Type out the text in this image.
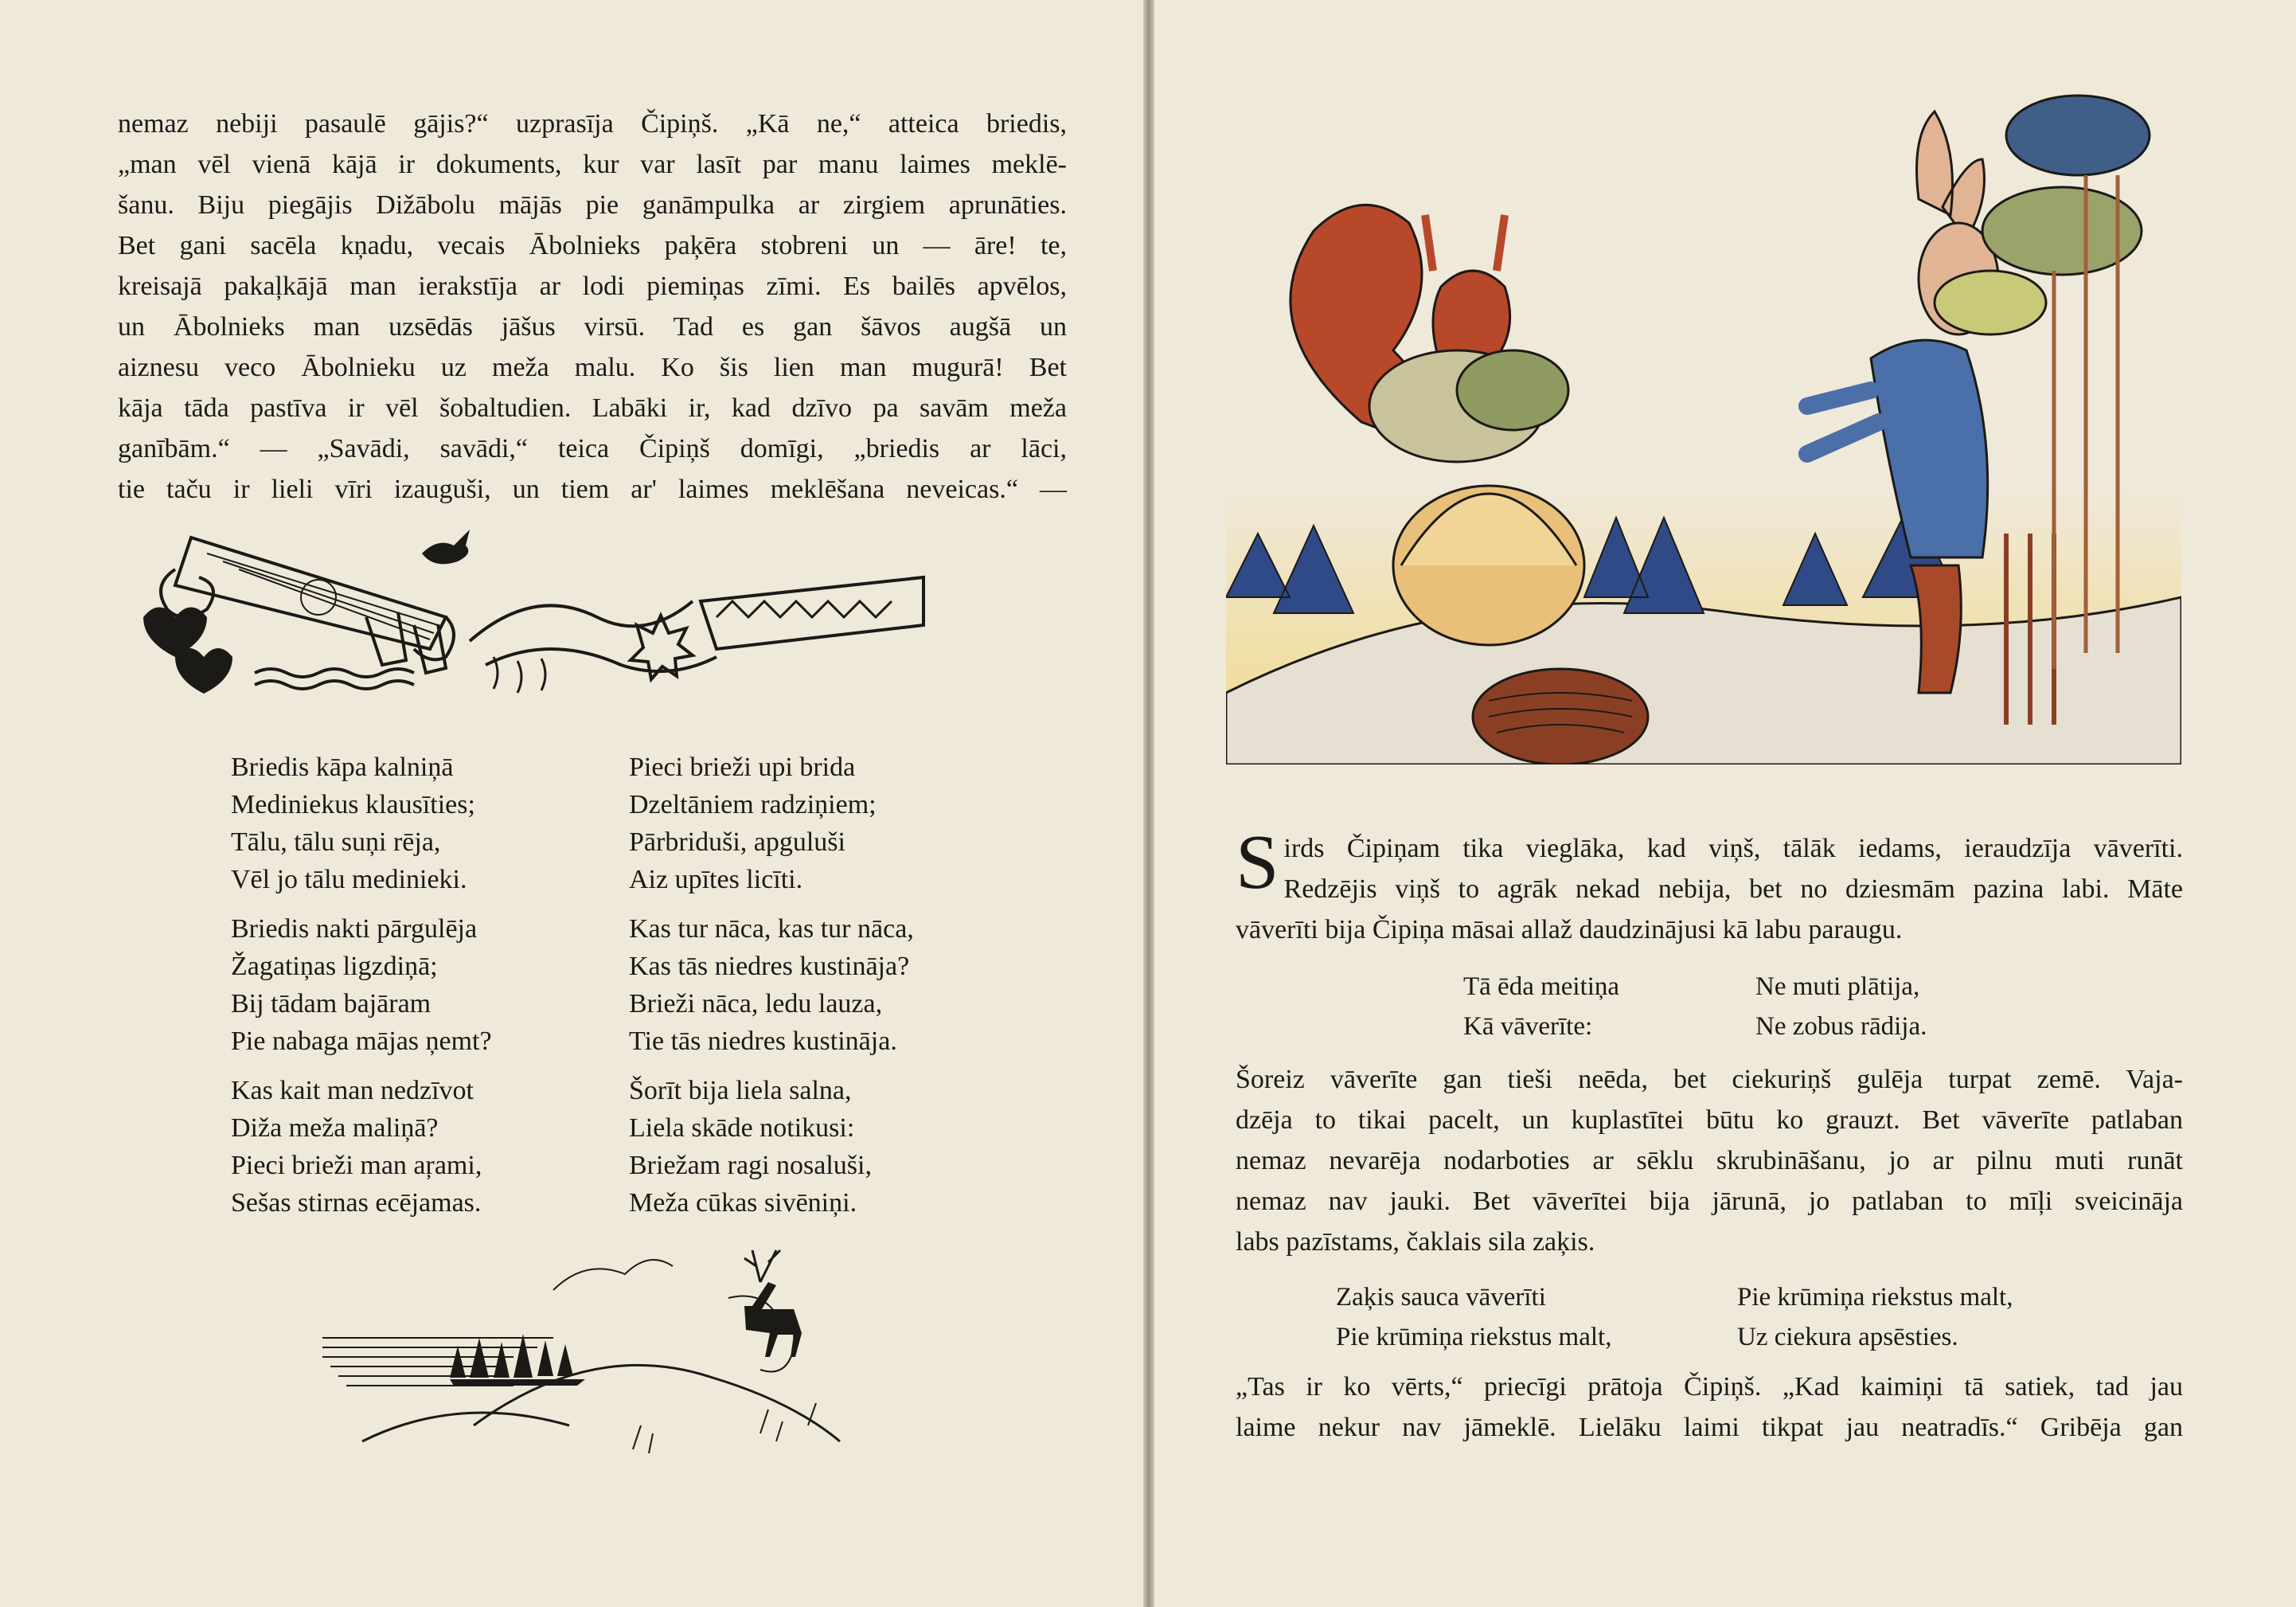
nemaz nebiji pasaulē gājis?“ uzprasīja Čipiņš. „Kā ne,“ atteica briedis,
„man vēl vienā kājā ir dokuments, kur var lasīt par manu laimes meklē-
šanu. Biju piegājis Dižābolu mājās pie ganāmpulka ar zirgiem aprunāties.
Bet gani sacēla kņadu, vecais Ābolnieks paķēra stobreni un — āre! te,
kreisajā pakaļkājā man ierakstīja ar lodi piemiņas zīmi. Es bailēs apvēlos,
un Ābolnieks man uzsēdās jāšus virsū. Tad es gan šāvos augšā un
aiznesu veco Ābolnieku uz meža malu. Ko šis lien man mugurā! Bet
kāja tāda pastīva ir vēl šobaltudien. Labāki ir, kad dzīvo pa savām meža
ganībām.“ — „Savādi, savādi,“ teica Čipiņš domīgi, „briedis ar lāci,
tie taču ir lieli vīri izauguši, un tiem ar' laimes meklēšana neveicas.“ —
Briedis kāpa kalniņā
Mediniekus klausīties;
Tālu, tālu suņi rēja,
Vēl jo tālu medinieki.
Briedis nakti pārgulēja
Žagatiņas ligzdiņā;
Bij tādam bajāram
Pie nabaga mājas ņemt?
Kas kait man nedzīvot
Diža meža maliņā?
Pieci brieži man aŗami,
Sešas stirnas ecējamas.
Pieci brieži upi brida
Dzeltāniem radziņiem;
Pārbriduši, apguluši
Aiz upītes licīti.
Kas tur nāca, kas tur nāca,
Kas tās niedres kustināja?
Brieži nāca, ledu lauza,
Tie tās niedres kustināja.
Šorīt bija liela salna,
Liela skāde notikusi:
Briežam ragi nosaluši,
Meža cūkas sivēniņi.
S irds Čipiņam tika vieglāka, kad viņš, tālāk iedams, ieraudzīja vāverīti.
Redzējis viņš to agrāk nekad nebija, bet no dziesmām pazina labi. Māte
vāverīti bija Čipiņa māsai allaž daudzinājusi kā labu paraugu.
Tā ēda meitiņa
Kā vāverīte:
Ne muti plātija,
Ne zobus rādija.
Šoreiz vāverīte gan tieši neēda, bet ciekuriņš gulēja turpat zemē. Vaja-
dzēja to tikai pacelt, un kuplastītei būtu ko grauzt. Bet vāverīte patlaban
nemaz nevarēja nodarboties ar sēklu skrubināšanu, jo ar pilnu muti runāt
nemaz nav jauki. Bet vāverītei bija jārunā, jo patlaban to mīļi sveicināja
labs pazīstams, čaklais sila zaķis.
Zaķis sauca vāverīti
Pie krūmiņa riekstus malt,
Pie krūmiņa riekstus malt,
Uz ciekura apsēsties.
„Tas ir ko vērts,“ priecīgi prātoja Čipiņš. „Kad kaimiņi tā satiek, tad jau
laime nekur nav jāmeklē. Lielāku laimi tikpat jau neatradīs.“ Gribēja gan
